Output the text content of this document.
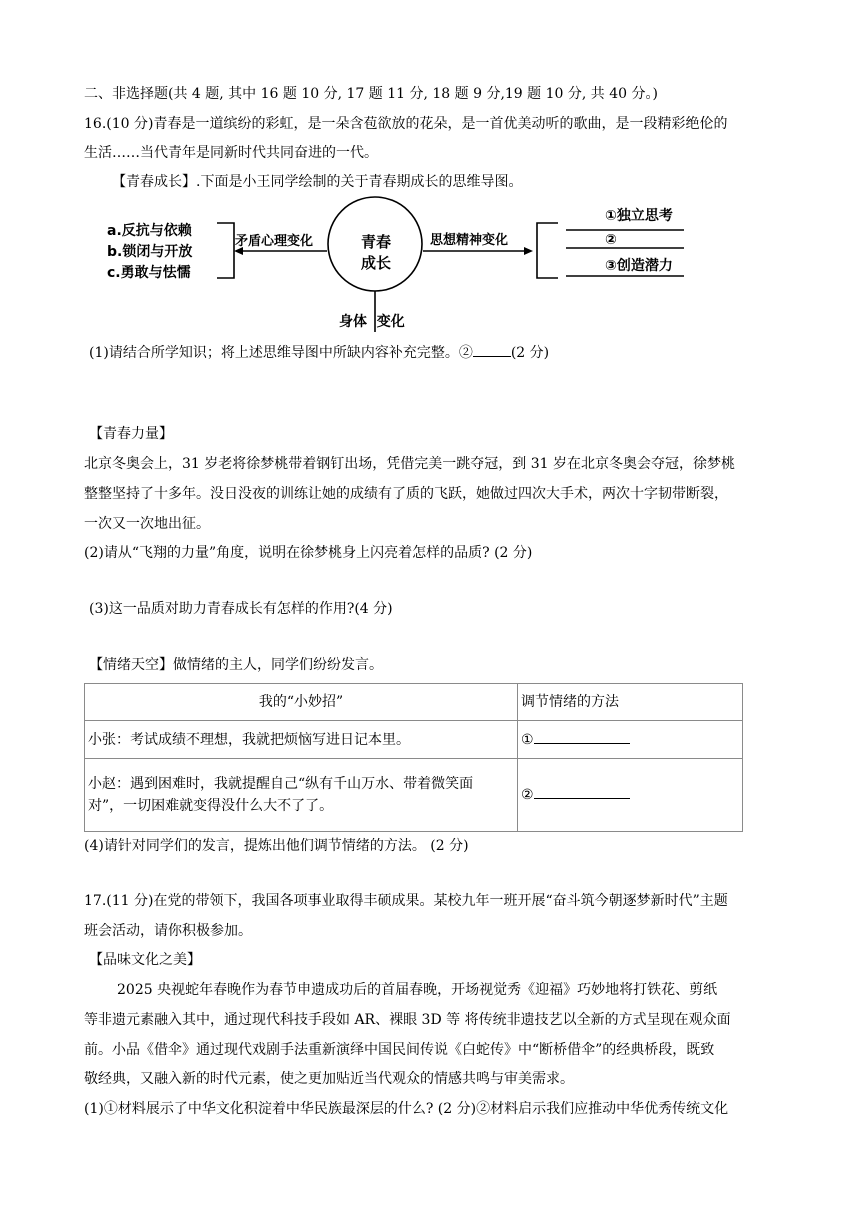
二、非选择题(共 4 题, 其中 16 题 10 分, 17 题 11 分, 18 题 9 分,19 题 10 分, 共 40 分。)
16.(10 分)青春是一道缤纷的彩虹，是一朵含苞欲放的花朵，是一首优美动听的歌曲，是一段精彩绝伦的
生活……当代青年是同新时代共同奋进的一代。
【青春成长】.下面是小王同学绘制的关于青春期成长的思维导图。
a.反抗与依赖
b.锁闭与开放
c.勇敢与怯懦
矛盾心理变化	思想精神变化
青春
成长
①独立思考
②
③创造潜力
身体  变化
(1)请结合所学知识；将上述思维导图中所缺内容补充完整。②	(2 分)
【青春力量】
北京冬奥会上，31 岁老将徐梦桃带着钢钉出场，凭借完美一跳夺冠，到 31 岁在北京冬奥会夺冠，徐梦桃
整整坚持了十多年。没日没夜的训练让她的成绩有了质的飞跃，她做过四次大手术，两次十字韧带断裂，
一次又一次地出征。
(2)请从“飞翔的力量”角度，说明在徐梦桃身上闪亮着怎样的品质? (2 分)
(3)这一品质对助力青春成长有怎样的作用?(4 分)
【情绪天空】做情绪的主人，同学们纷纷发言。
我的“小妙招”	调节情绪的方法
小张：考试成绩不理想，我就把烦恼写进日记本里。	①

小赵：遇到困难时，我就提醒自己“纵有千山万水、带着微笑面
对”，一切困难就变得没什么大不了了。	②
(4)请针对同学们的发言，提炼出他们调节情绪的方法。 (2 分)
17.(11 分)在党的带领下，我国各项事业取得丰硕成果。某校九年一班开展“奋斗筑今朝逐梦新时代”主题
班会活动，请你积极参加。
【品味文化之美】
2025 央视蛇年春晚作为春节申遗成功后的首届春晚，开场视觉秀《迎福》巧妙地将打铁花、剪纸
等非遗元素融入其中，通过现代科技手段如 AR、裸眼 3D 等 将传统非遗技艺以全新的方式呈现在观众面
前。小品《借伞》通过现代戏剧手法重新演绎中国民间传说《白蛇传》中“断桥借伞”的经典桥段，既致
敬经典，又融入新的时代元素，使之更加贴近当代观众的情感共鸣与审美需求。
(1)①材料展示了中华文化积淀着中华民族最深层的什么? (2 分)②材料启示我们应推动中华优秀传统文化
